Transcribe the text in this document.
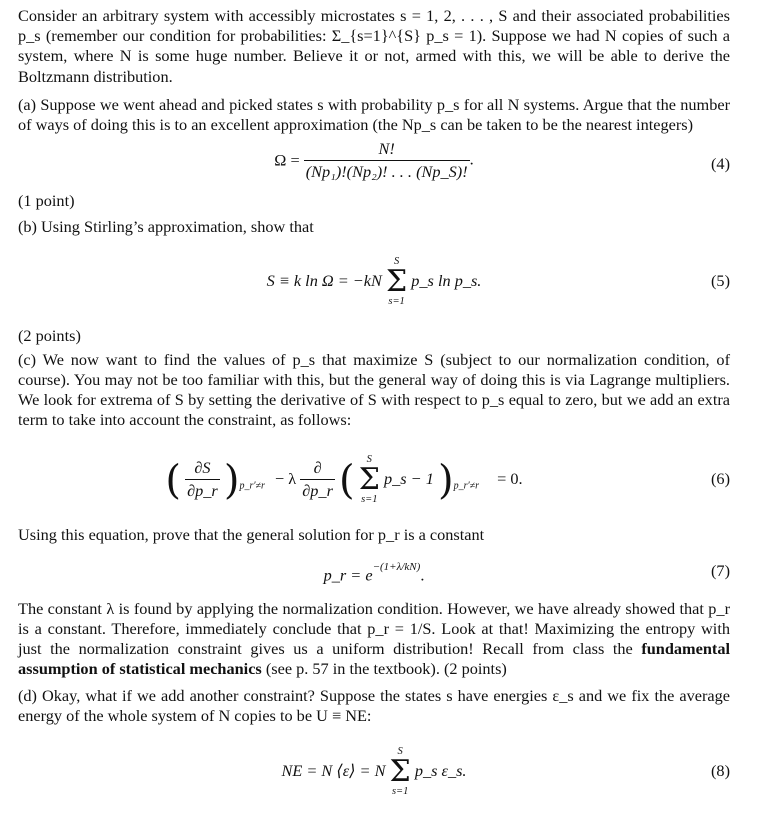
Consider an arbitrary system with accessibly microstates s = 1, 2, . . . , S and their associated probabilities p_s (remember our condition for probabilities: Σ_{s=1}^{S} p_s = 1). Suppose we had N copies of such a system, where N is some huge number. Believe it or not, armed with this, we will be able to derive the Boltzmann distribution.

(a) Suppose we went ahead and picked states s with probability p_s for all N systems. Argue that the number of ways of doing this is to an excellent approximation (the Np_s can be taken to be the nearest integers)

$\Omega = \frac{N!}{\text{(Np₁)!(Np₂)! . . . (Np\_S)!}}$ .	(4)

(1 point)

(b) Using Stirling’s approximation, show that

S ≡ k ln Ω = −kN
S
Σ
s=1
p_s ln p_s.	(5)

(2 points)

(c) We now want to find the values of p_s that maximize S (subject to our normalization condition, of course). You may not be too familiar with this, but the general way of doing this is via Lagrange multipliers. We look for extrema of S by setting the derivative of S with respect to p_s equal to zero, but we add an extra term to take into account the constraint, as follows:

( $\frac{\partial S}{\partial p\_r} )_{p\_r'\ne r} - \lambda \frac{\partial}{\partial p\_r}$ ( S
Σ
s=1
p_s − 1 )$_{p\_r'\ne r} = 0$.	(6)

Using this equation, prove that the general solution for p_r is a constant

p_r = $e^{-(1+\lambda/kN)}$.	(7)

The constant λ is found by applying the normalization condition. However, we have already showed that p_r is a constant. Therefore, immediately conclude that p_r = 1/S. Look at that! Maximizing the entropy with just the normalization constraint gives us a uniform distribution! Recall from class the fundamental assumption of statistical mechanics (see p. 57 in the textbook). (2 points)

(d) Okay, what if we add another constraint? Suppose the states s have energies ε_s and we fix the average energy of the whole system of N copies to be U ≡ NE:

NE = N ⟨ε⟩ = N
S
Σ
s=1
p_s ε_s.	(8)
